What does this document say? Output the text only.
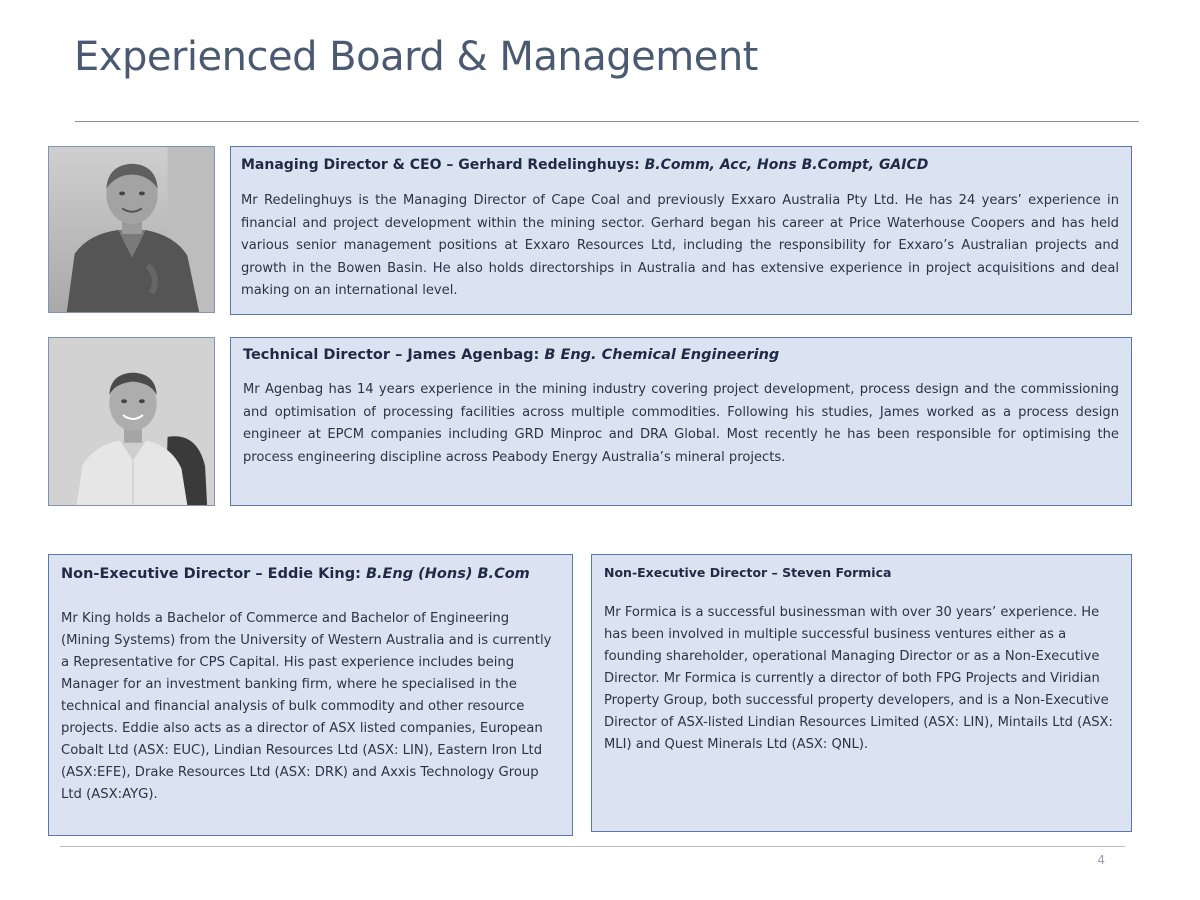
Experienced Board & Management
Managing Director & CEO – Gerhard Redelinghuys: B.Comm, Acc, Hons B.Compt, GAICD
Mr Redelinghuys is the Managing Director of Cape Coal and previously Exxaro Australia Pty Ltd. He has 24 years’ experience in financial and project development within the mining sector. Gerhard began his career at Price Waterhouse Coopers and has held various senior management positions at Exxaro Resources Ltd, including the responsibility for Exxaro’s Australian projects and growth in the Bowen Basin. He also holds directorships in Australia and has extensive experience in project acquisitions and deal making on an international level.
Technical Director – James Agenbag: B Eng. Chemical Engineering
Mr Agenbag has 14 years experience in the mining industry covering project development, process design and the commissioning and optimisation of processing facilities across multiple commodities. Following his studies, James worked as a process design engineer at EPCM companies including GRD Minproc and DRA Global. Most recently he has been responsible for optimising the process engineering discipline across Peabody Energy Australia’s mineral projects.
Non-Executive Director – Eddie King: B.Eng (Hons) B.Com
Mr King holds a Bachelor of Commerce and Bachelor of Engineering (Mining Systems) from the University of Western Australia and is currently a Representative for CPS Capital. His past experience includes being Manager for an investment banking firm, where he specialised in the technical and financial analysis of bulk commodity and other resource projects. Eddie also acts as a director of ASX listed companies, European Cobalt Ltd (ASX: EUC), Lindian Resources Ltd (ASX: LIN), Eastern Iron Ltd (ASX:EFE), Drake Resources Ltd (ASX: DRK) and Axxis Technology Group Ltd (ASX:AYG).
Non-Executive Director – Steven Formica
Mr Formica is a successful businessman with over 30 years’ experience. He has been involved in multiple successful business ventures either as a founding shareholder, operational Managing Director or as a Non-Executive Director. Mr Formica is currently a director of both FPG Projects and Viridian Property Group, both successful property developers, and is a Non-Executive Director of ASX-listed Lindian Resources Limited (ASX: LIN), Mintails Ltd (ASX: MLI) and Quest Minerals Ltd (ASX: QNL).
4
